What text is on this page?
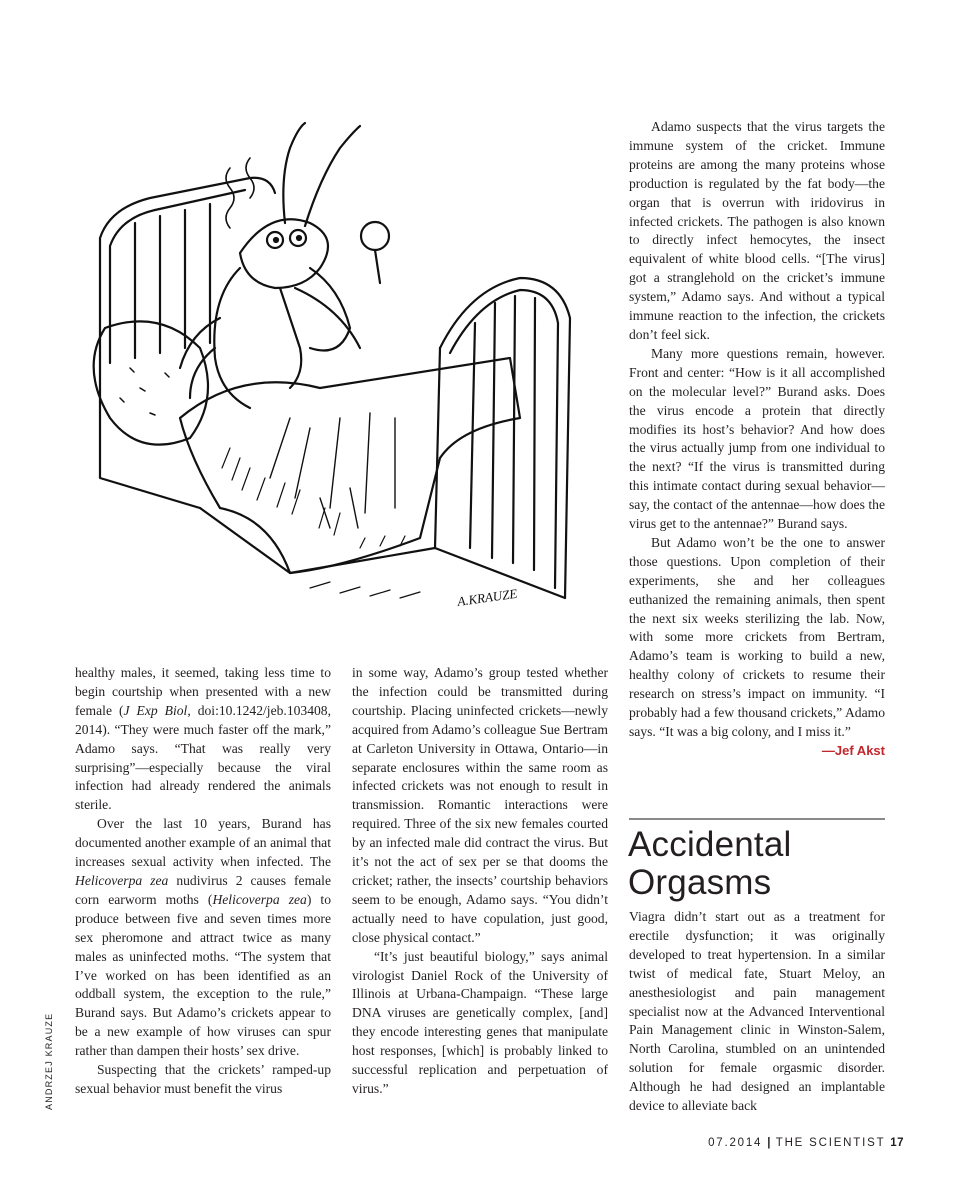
A.KRAUZE

healthy males, it seemed, taking less time to begin courtship when presented with a new female (J Exp Biol, doi:10.1242/jeb.103408, 2014). “They were much faster off the mark,” Adamo says. “That was really very surprising”—especially because the viral infection had already rendered the animals sterile.

Over the last 10 years, Burand has documented another example of an animal that increases sexual activity when infected. The Helicoverpa zea nudivirus 2 causes female corn earworm moths (Helicoverpa zea) to produce between five and seven times more sex pheromone and attract twice as many males as uninfected moths. “The system that I’ve worked on has been identified as an oddball system, the exception to the rule,” Burand says. But Adamo’s crickets appear to be a new example of how viruses can spur rather than dampen their hosts’ sex drive.

Suspecting that the crickets’ ramped-up sexual behavior must benefit the virus

in some way, Adamo’s group tested whether the infection could be transmitted during courtship. Placing uninfected crickets—newly acquired from Adamo’s colleague Sue Bertram at Carleton University in Ottawa, Ontario—in separate enclosures within the same room as infected crickets was not enough to result in transmission. Romantic interactions were required. Three of the six new females courted by an infected male did contract the virus. But it’s not the act of sex per se that dooms the cricket; rather, the insects’ courtship behaviors seem to be enough, Adamo says. “You didn’t actually need to have copulation, just good, close physical contact.”

“It’s just beautiful biology,” says animal virologist Daniel Rock of the University of Illinois at Urbana-Champaign. “These large DNA viruses are genetically complex, [and] they encode interesting genes that manipulate host responses, [which] is probably linked to successful replication and perpetuation of virus.”

Adamo suspects that the virus targets the immune system of the cricket. Immune proteins are among the many proteins whose production is regulated by the fat body—the organ that is overrun with iridovirus in infected crickets. The pathogen is also known to directly infect hemocytes, the insect equivalent of white blood cells. “[The virus] got a stranglehold on the cricket’s immune system,” Adamo says. And without a typical immune reaction to the infection, the crickets don’t feel sick.

Many more questions remain, however. Front and center: “How is it all accomplished on the molecular level?” Burand asks. Does the virus encode a protein that directly modifies its host’s behavior? And how does the virus actually jump from one individual to the next? “If the virus is transmitted during this intimate contact during sexual behavior—say, the contact of the antennae—how does the virus get to the antennae?” Burand says.

But Adamo won’t be the one to answer those questions. Upon completion of their experiments, she and her colleagues euthanized the remaining animals, then spent the next six weeks sterilizing the lab. Now, with some more crickets from Bertram, Adamo’s team is working to build a new, healthy colony of crickets to resume their research on stress’s impact on immunity. “I probably had a few thousand crickets,” Adamo says. “It was a big colony, and I miss it.”
—Jef Akst

Accidental
Orgasms

Viagra didn’t start out as a treatment for erectile dysfunction; it was originally developed to treat hypertension. In a similar twist of medical fate, Stuart Meloy, an anesthesiologist and pain management specialist now at the Advanced Interventional Pain Management clinic in Winston-Salem, North Carolina, stumbled on an unintended solution for female orgasmic disorder. Although he had designed an implantable device to alleviate back

ANDRZEJ KRAUZE
07.2014 | THE SCIENTIST 17
